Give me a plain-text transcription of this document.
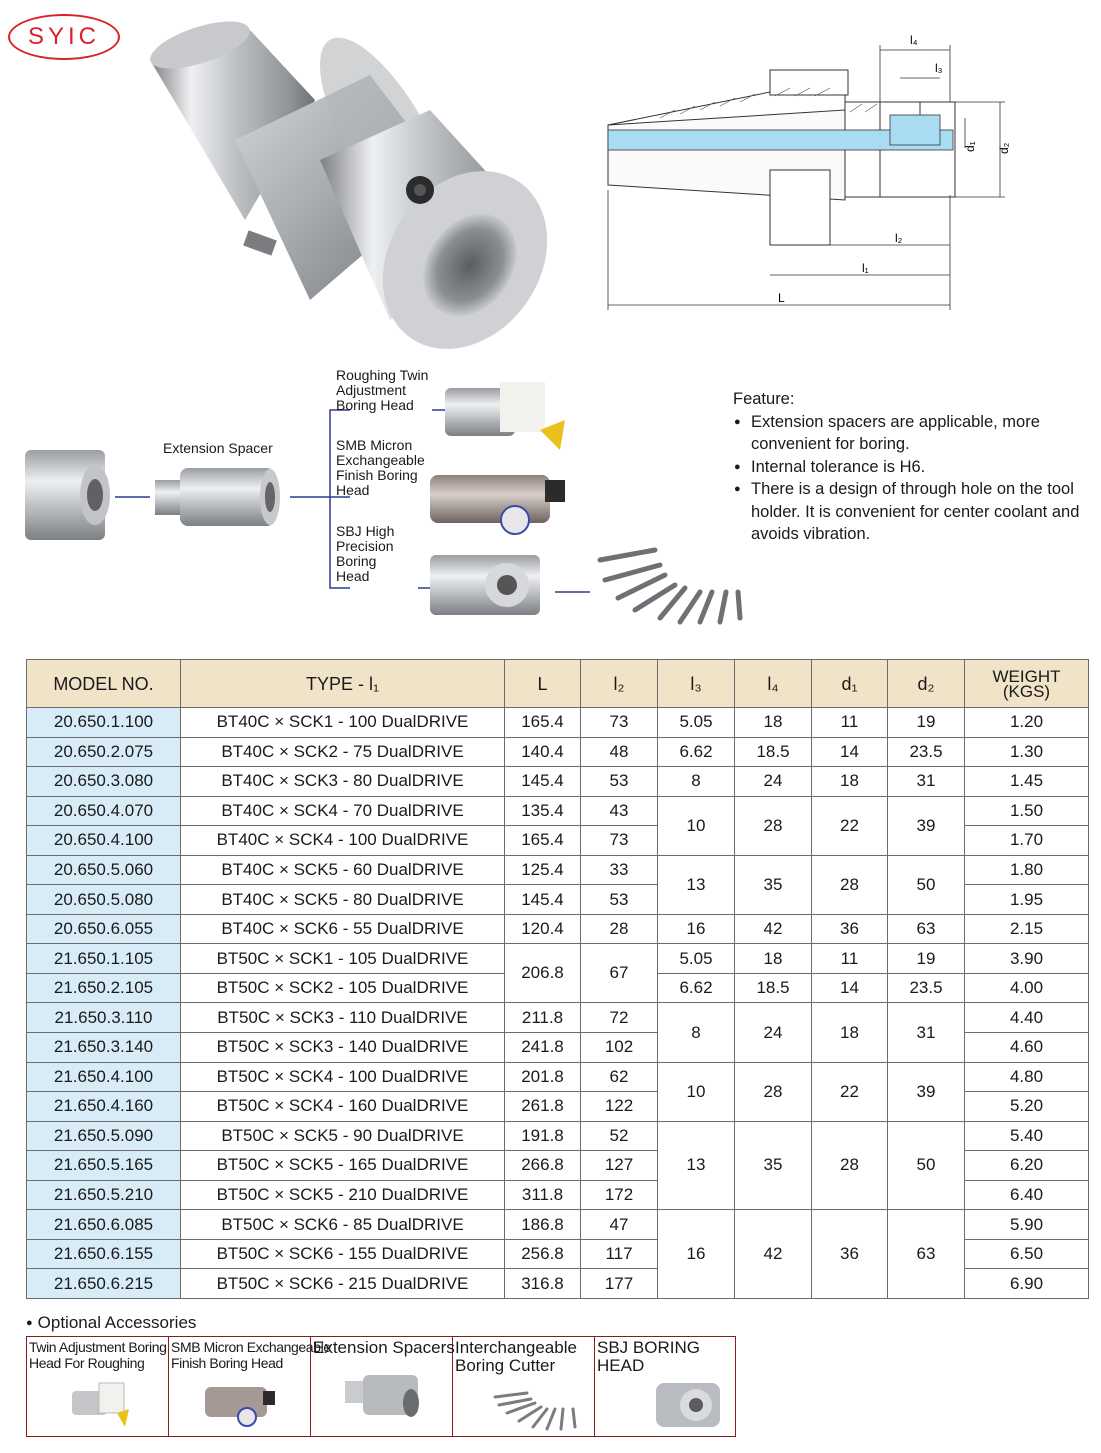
SYIC	l₄
l₃
d₁ d₂
l₂
l₁
L
Extension Spacer
Roughing Twin
Adjustment
Boring Head
SMB Micron
Exchangeable
Finish Boring
Head
SBJ High
Precision
Boring
Head
Feature:
● Extension spacers are applicable, more convenient for boring.
● Internal tolerance is H6.
● There is a design of through hole on the tool holder. It is convenient for center coolant and avoids vibration.
MODEL NO.	TYPE - l₁	L	l₂	l₃	l₄	d₁	d₂	WEIGHT
(KGS)

20.650.1.100	BT40C × SCK1 - 100 DualDRIVE	165.4	73	5.05	18	11	19	1.20
20.650.2.075	BT40C × SCK2 - 75 DualDRIVE	140.4	48	6.62	18.5	14	23.5	1.30
20.650.3.080	BT40C × SCK3 - 80 DualDRIVE	145.4	53	8	24	18	31	1.45
20.650.4.070	BT40C × SCK4 - 70 DualDRIVE	135.4	43	10	28	22	39	1.50
20.650.4.100	BT40C × SCK4 - 100 DualDRIVE	165.4	73					1.70
20.650.5.060	BT40C × SCK5 - 60 DualDRIVE	125.4	33	13	35	28	50	1.80
20.650.5.080	BT40C × SCK5 - 80 DualDRIVE	145.4	53					1.95
20.650.6.055	BT40C × SCK6 - 55 DualDRIVE	120.4	28	16	42	36	63	2.15
21.650.1.105	BT50C × SCK1 - 105 DualDRIVE	206.8	67	5.05	18	11	19	3.90
21.650.2.105	BT50C × SCK2 - 105 DualDRIVE			6.62	18.5	14	23.5	4.00
21.650.3.110	BT50C × SCK3 - 110 DualDRIVE	211.8	72	8	24	18	31	4.40
21.650.3.140	BT50C × SCK3 - 140 DualDRIVE	241.8	102					4.60
21.650.4.100	BT50C × SCK4 - 100 DualDRIVE	201.8	62	10	28	22	39	4.80
21.650.4.160	BT50C × SCK4 - 160 DualDRIVE	261.8	122					5.20
21.650.5.090	BT50C × SCK5 - 90 DualDRIVE	191.8	52	13	35	28	50	5.40
21.650.5.165	BT50C × SCK5 - 165 DualDRIVE	266.8	127					6.20
21.650.5.210	BT50C × SCK5 - 210 DualDRIVE	311.8	172					6.40
21.650.6.085	BT50C × SCK6 - 85 DualDRIVE	186.8	47	16	42	36	63	5.90
21.650.6.155	BT50C × SCK6 - 155 DualDRIVE	256.8	117					6.50
21.650.6.215	BT50C × SCK6 - 215 DualDRIVE	316.8	177					6.90
● Optional Accessories
Twin Adjustment Boring
Head For Roughing
SMB Micron Exchangeable
Finish Boring Head
Extension Spacers Interchangeable
Boring Cutter
SBJ BORING
HEAD
